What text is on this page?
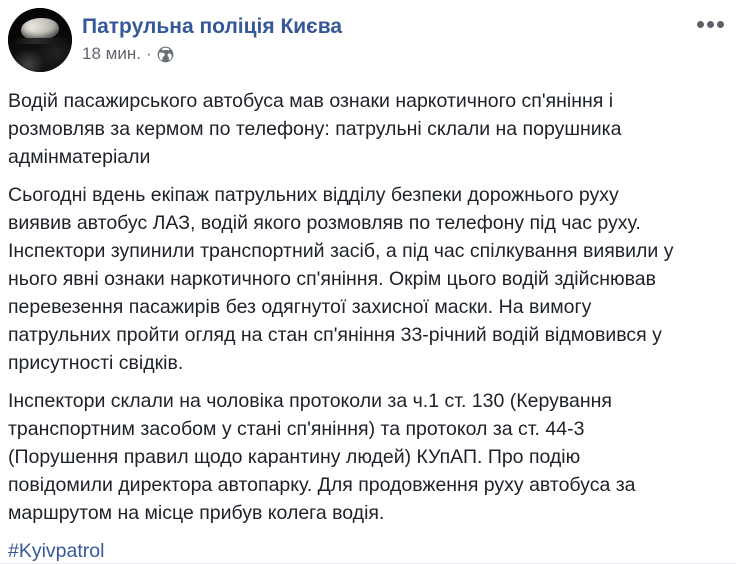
Патрульна поліція Києва
18 мин. ·

Водій пасажирського автобуса мав ознаки наркотичного сп'яніння і розмовляв за кермом по телефону: патрульні склали на порушника адмінматеріали

Сьогодні вдень екіпаж патрульних відділу безпеки дорожнього руху виявив автобус ЛАЗ, водій якого розмовляв по телефону під час руху. Інспектори зупинили транспортний засіб, а під час спілкування виявили у нього явні ознаки наркотичного сп'яніння. Окрім цього водій здійснював перевезення пасажирів без одягнутої захисної маски. На вимогу патрульних пройти огляд на стан сп'яніння 33-річний водій відмовився у присутності свідків.

Інспектори склали на чоловіка протоколи за ч.1 ст. 130 (Керування транспортним засобом у стані сп'яніння) та протокол за ст. 44-3 (Порушення правил щодо карантину людей) КУпАП. Про подію повідомили директора автопарку. Для продовження руху автобуса за маршрутом на місце прибув колега водія.

#Kyivpatrol
